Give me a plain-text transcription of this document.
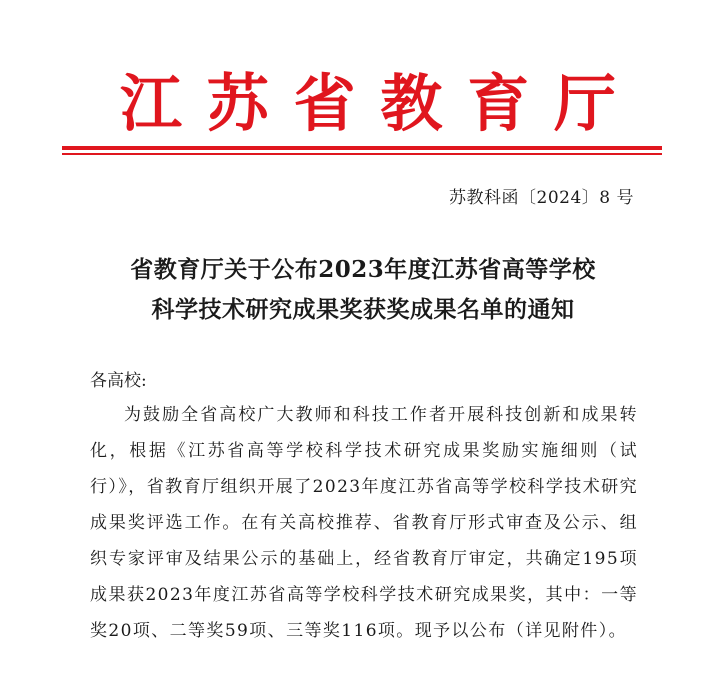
江 苏 省 教 育 厅
苏教科函〔2024〕8 号
省教育厅关于公布2023年度江苏省高等学校
科学技术研究成果奖获奖成果名单的通知
各高校:
为鼓励全省高校广大教师和科技工作者开展科技创新和成果转化，根据《江苏省高等学校科学技术研究成果奖励实施细则（试行）》，省教育厅组织开展了2023年度江苏省高等学校科学技术研究成果奖评选工作。在有关高校推荐、省教育厅形式审查及公示、组织专家评审及结果公示的基础上，经省教育厅审定，共确定195项成果获2023年度江苏省高等学校科学技术研究成果奖，其中：一等奖20项、二等奖59项、三等奖116项。现予以公布（详见附件）。
